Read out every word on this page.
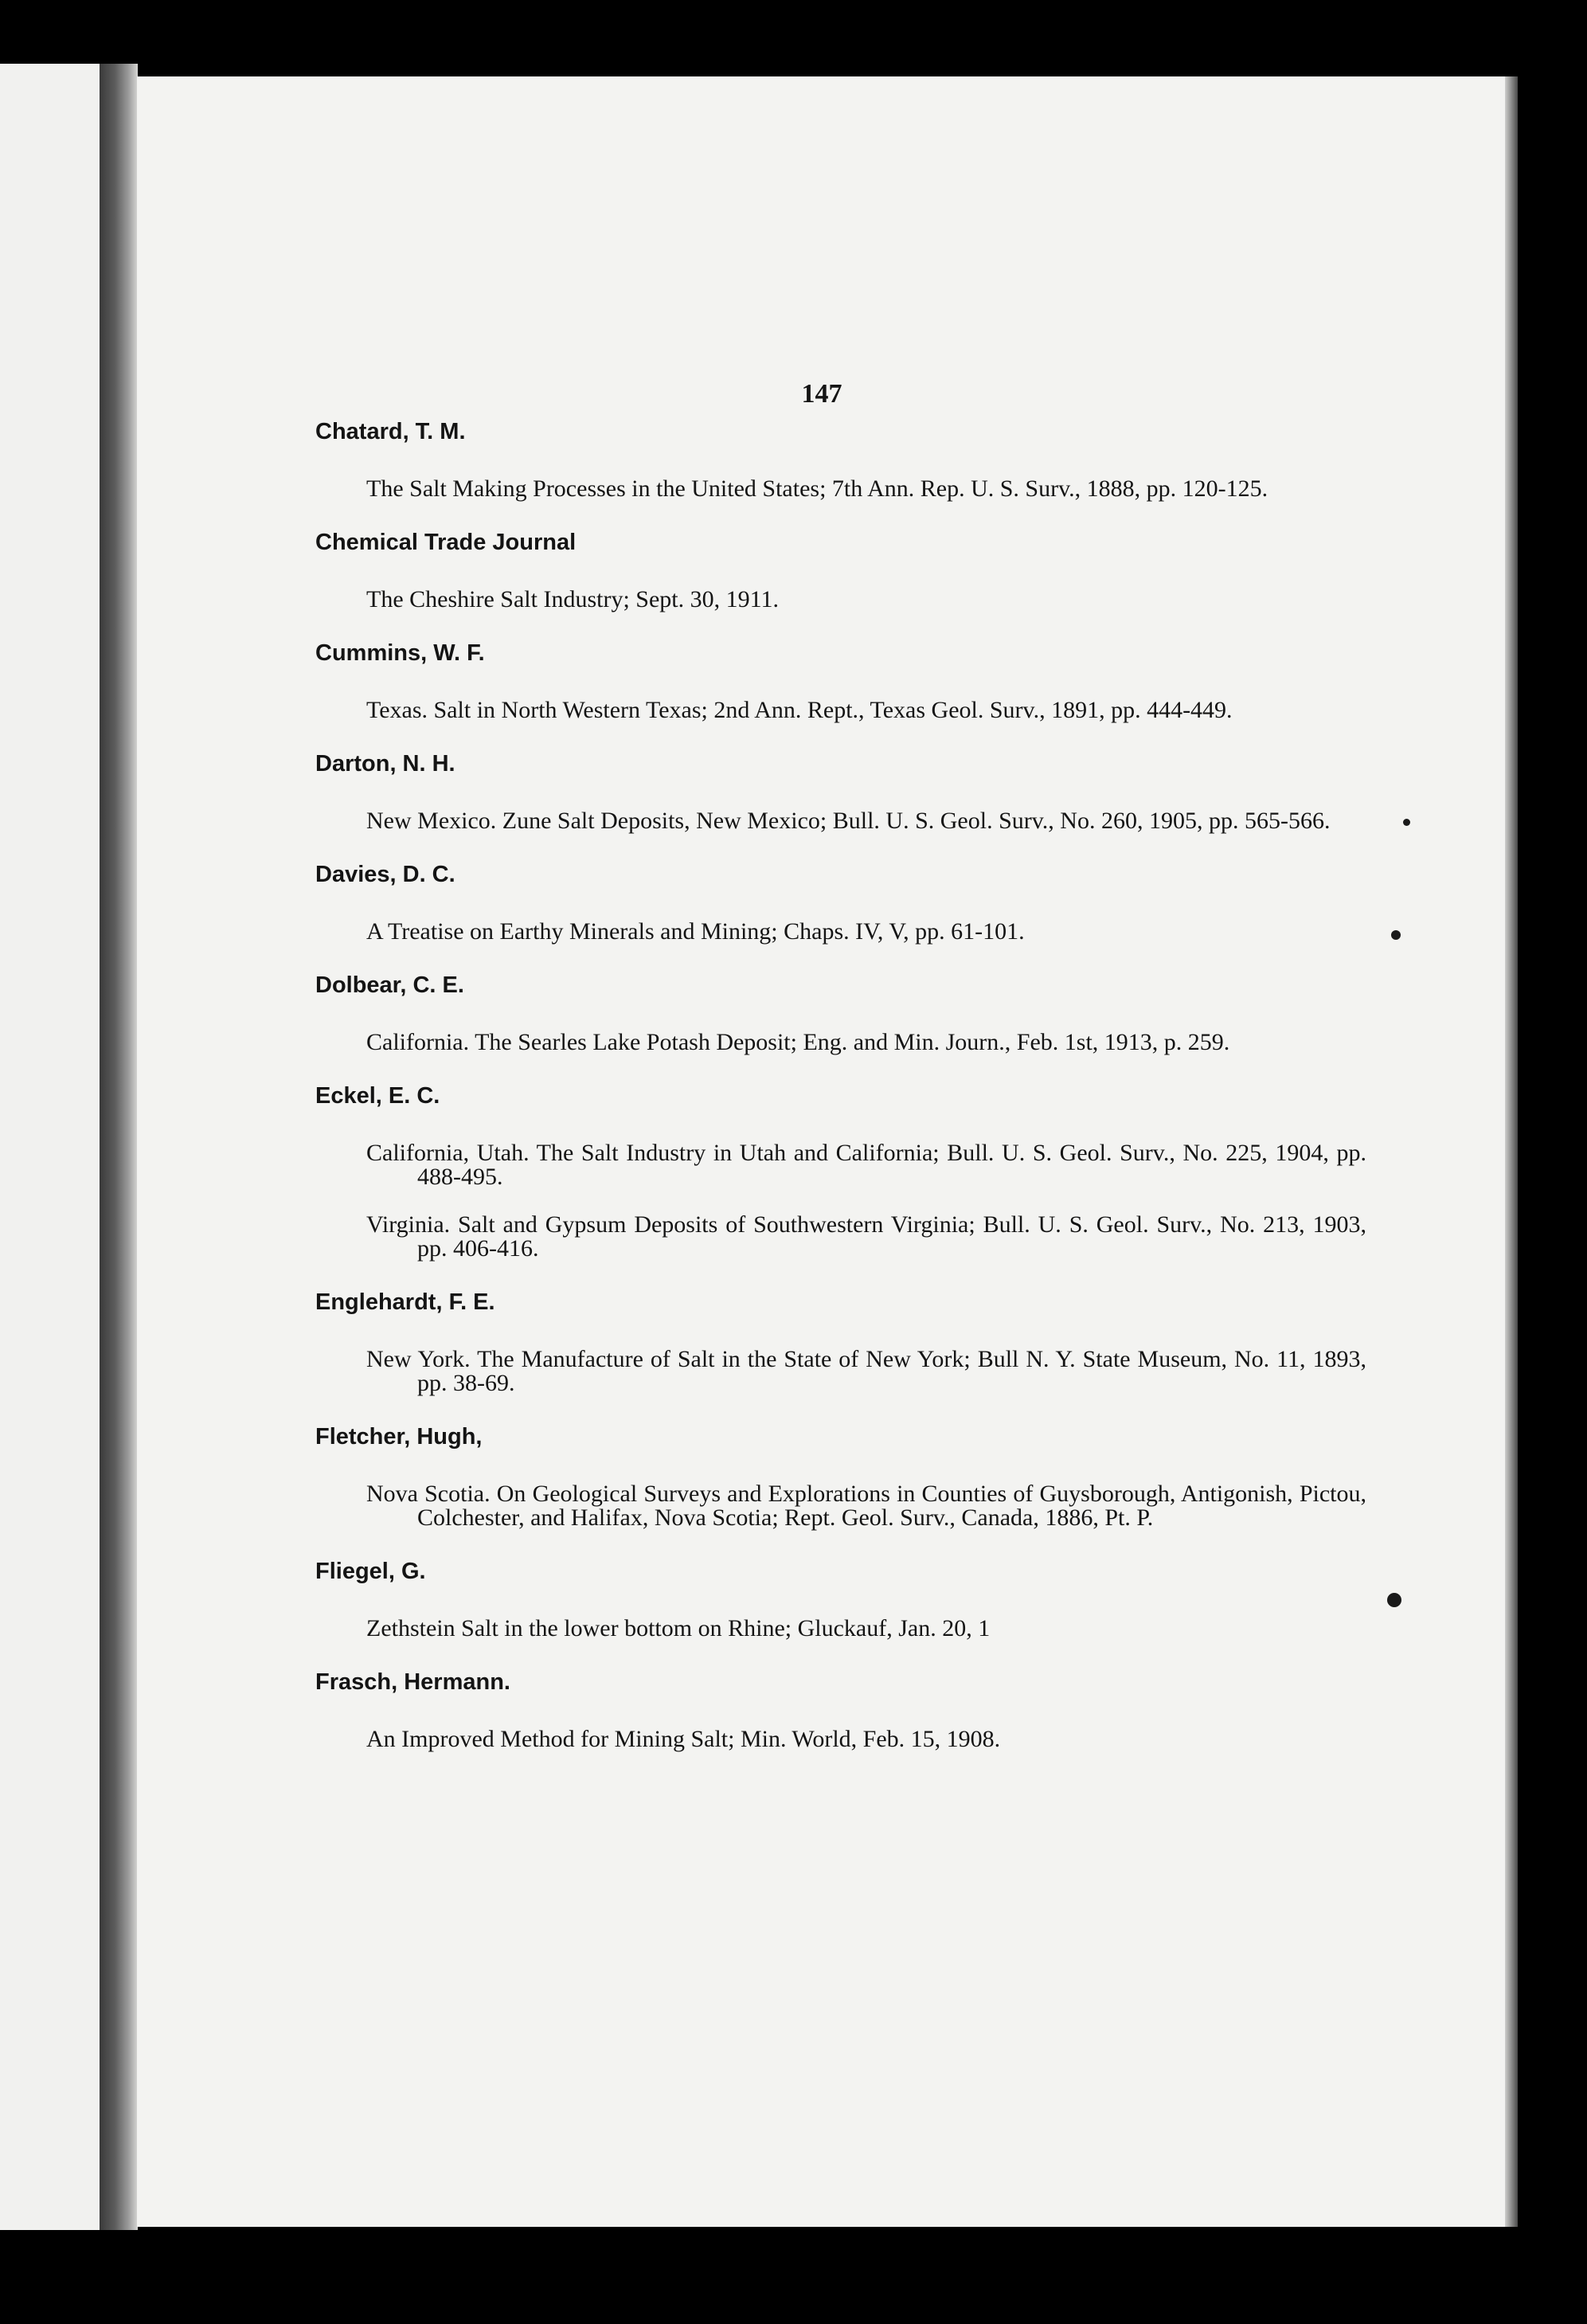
147
Chatard, T. M.

The Salt Making Processes in the United States; 7th Ann. Rep. U. S. Surv., 1888, pp. 120-125.

Chemical Trade Journal

The Cheshire Salt Industry; Sept. 30, 1911.

Cummins, W. F.

Texas. Salt in North Western Texas; 2nd Ann. Rept., Texas Geol. Surv., 1891, pp. 444-449.

Darton, N. H.

New Mexico. Zune Salt Deposits, New Mexico; Bull. U. S. Geol. Surv., No. 260, 1905, pp. 565-566.

Davies, D. C.

A Treatise on Earthy Minerals and Mining; Chaps. IV, V, pp. 61-101.

Dolbear, C. E.

California. The Searles Lake Potash Deposit; Eng. and Min. Journ., Feb. 1st, 1913, p. 259.

Eckel, E. C.

California, Utah. The Salt Industry in Utah and California; Bull. U. S. Geol. Surv., No. 225, 1904, pp. 488-495.

Virginia. Salt and Gypsum Deposits of Southwestern Virginia; Bull. U. S. Geol. Surv., No. 213, 1903, pp. 406-416.

Englehardt, F. E.

New York. The Manufacture of Salt in the State of New York; Bull N. Y. State Museum, No. 11, 1893, pp. 38-69.

Fletcher, Hugh,

Nova Scotia. On Geological Surveys and Explorations in Counties of Guysborough, Antigonish, Pictou, Colchester, and Halifax, Nova Scotia; Rept. Geol. Surv., Canada, 1886, Pt. P.

Fliegel, G.

Zethstein Salt in the lower bottom on Rhine; Gluckauf, Jan. 20, 1

Frasch, Hermann.

An Improved Method for Mining Salt; Min. World, Feb. 15, 1908.
